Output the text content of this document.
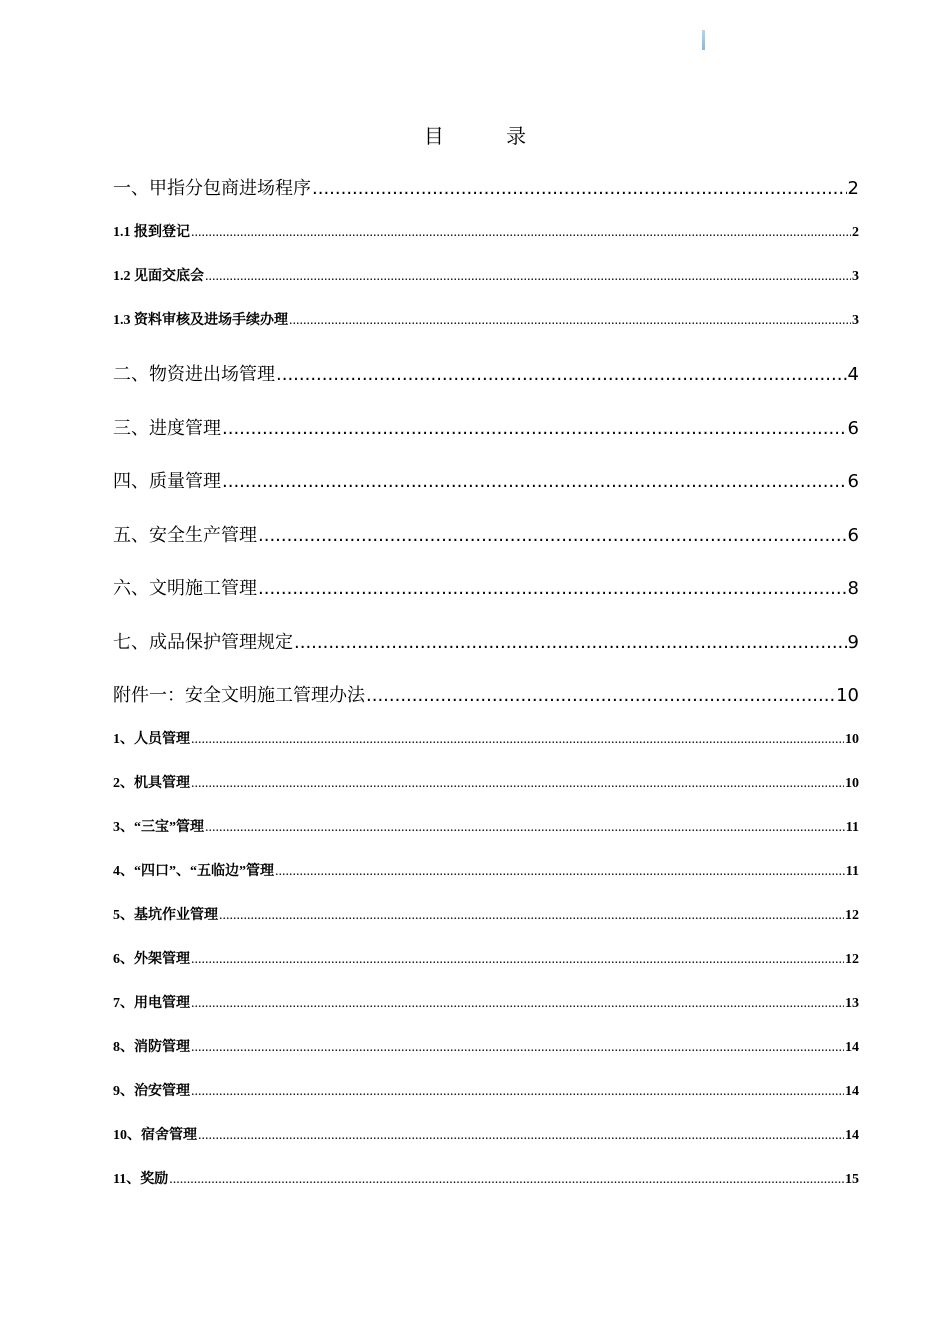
目 录
一、甲指分包商进场程序 .....	2
1.1 报到登记 .....	2
1.2 见面交底会 .....	3
1.3 资料审核及进场手续办理 .....	3
二、物资进出场管理 .....	4
三、进度管理 .....	6
四、质量管理 .....	6
五、安全生产管理 .....	6
六、文明施工管理 .....	8
七、成品保护管理规定 .....	9
附件一：安全文明施工管理办法 .....	10
1、人员管理 .....	10
2、机具管理 .....	10
3、“三宝”管理 .....	11
4、“四口”、“五临边”管理 .....	11
5、基坑作业管理 .....	12
6、外架管理 .....	12
7、用电管理 .....	13
8、消防管理 .....	14
9、治安管理 .....	14
10、宿舍管理 .....	14
11、奖励 .....	15
